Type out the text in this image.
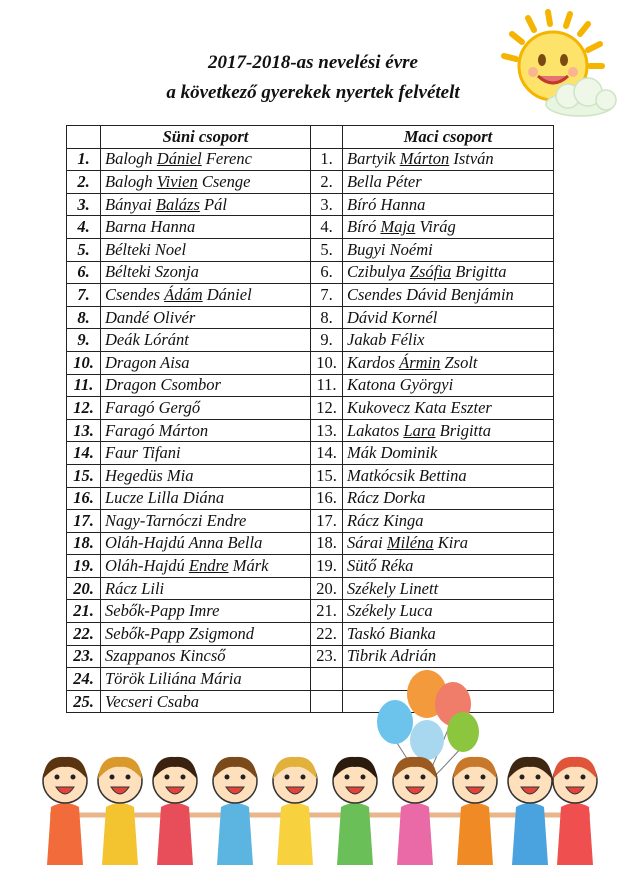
2017-2018-as nevelési évre
a következő gyerekek nyertek felvételt
	Süni csoport		Maci csoport
1.	Balogh Dániel Ferenc	1.	Bartyik Márton István
2.	Balogh Vivien Csenge	2.	Bella Péter
3.	Bányai Balázs Pál	3.	Bíró Hanna
4.	Barna Hanna	4.	Bíró Maja Virág
5.	Bélteki Noel	5.	Bugyi Noémi
6.	Bélteki Szonja	6.	Czibulya Zsófia Brigitta
7.	Csendes Ádám Dániel	7.	Csendes Dávid Benjámin
8.	Dandé Olivér	8.	Dávid Kornél
9.	Deák Lóránt	9.	Jakab Félix
10.	Dragon Aisa	10.	Kardos Ármin Zsolt
11.	Dragon Csombor	11.	Katona Györgyi
12.	Faragó Gergő	12.	Kukovecz Kata Eszter
13.	Faragó Márton	13.	Lakatos Lara Brigitta
14.	Faur Tifani	14.	Mák Dominik
15.	Hegedüs Mia	15.	Matkócsik Bettina
16.	Lucze Lilla Diána	16.	Rácz Dorka
17.	Nagy-Tarnóczi Endre	17.	Rácz Kinga
18.	Oláh-Hajdú Anna Bella	18.	Sárai Miléna Kira
19.	Oláh-Hajdú Endre Márk	19.	Sütő Réka
20.	Rácz Lili	20.	Székely Linett
21.	Sebők-Papp Imre	21.	Székely Luca
22.	Sebők-Papp Zsigmond	22.	Taskó Bianka
23.	Szappanos Kincső	23.	Tibrik Adrián
24.	Török Liliána Mária		
25.	Vecseri Csaba		
